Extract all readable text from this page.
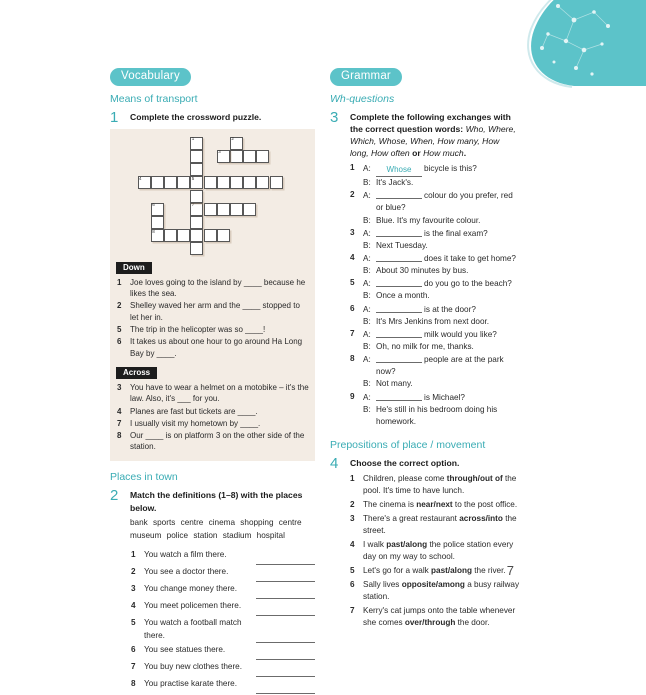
Vocabulary
Means of transport
1 Complete the crossword puzzle.
1	2
3
4	5
6
8
7
Down
1 Joe loves going to the island by ____ because he likes the sea.
2 Shelley waved her arm and the ____ stopped to let her in.
5 The trip in the helicopter was so ____!
6 It takes us about one hour to go around Ha Long Bay by ____.
Across
3 You have to wear a helmet on a motobike – it's the law. Also, it's ___ for you.
4 Planes are fast but tickets are ____.
7 I usually visit my hometown by ____.
8 Our ____ is on platform 3 on the other side of the station.
Places in town
2 Match the definitions (1–8) with the places below.
bank sports centre cinema shopping centre museum police station stadium hospital
1 You watch a film there.
2 You see a doctor there.
3 You change money there.
4 You meet policemen there.
5 You watch a football match there.
6 You see statues there.
7 You buy new clothes there.
8 You practise karate there.
Grammar
Wh-questions
3 Complete the following exchanges with the correct question words: Who, Where, Which, Whose, When, How many, How long, How often or How much.
1 A:	Whose bicycle is this?
B: It's Jack's.
2 A:	colour do you prefer, red or blue?
B: Blue. It's my favourite colour.
3 A:	is the final exam?
B: Next Tuesday.
4 A:	does it take to get home?
B: About 30 minutes by bus.
5 A:	do you go to the beach?
B: Once a month.
6 A:	is at the door?
B: It's Mrs Jenkins from next door.
7 A:	milk would you like?
B: Oh, no milk for me, thanks.
8 A:	people are at the park now?
B: Not many.
9 A:	is Michael?
B: He's still in his bedroom doing his homework.
Prepositions of place / movement
4 Choose the correct option.
1 Children, please come through/out of the pool. It's time to have lunch.
2 The cinema is near/next to the post office.
3 There's a great restaurant across/into the street.
4 I walk past/along the police station every day on my way to school.
5 Let's go for a walk past/along the river.
6 Sally lives opposite/among a busy railway station.
7 Kerry's cat jumps onto the table whenever she comes over/through the door.
7
